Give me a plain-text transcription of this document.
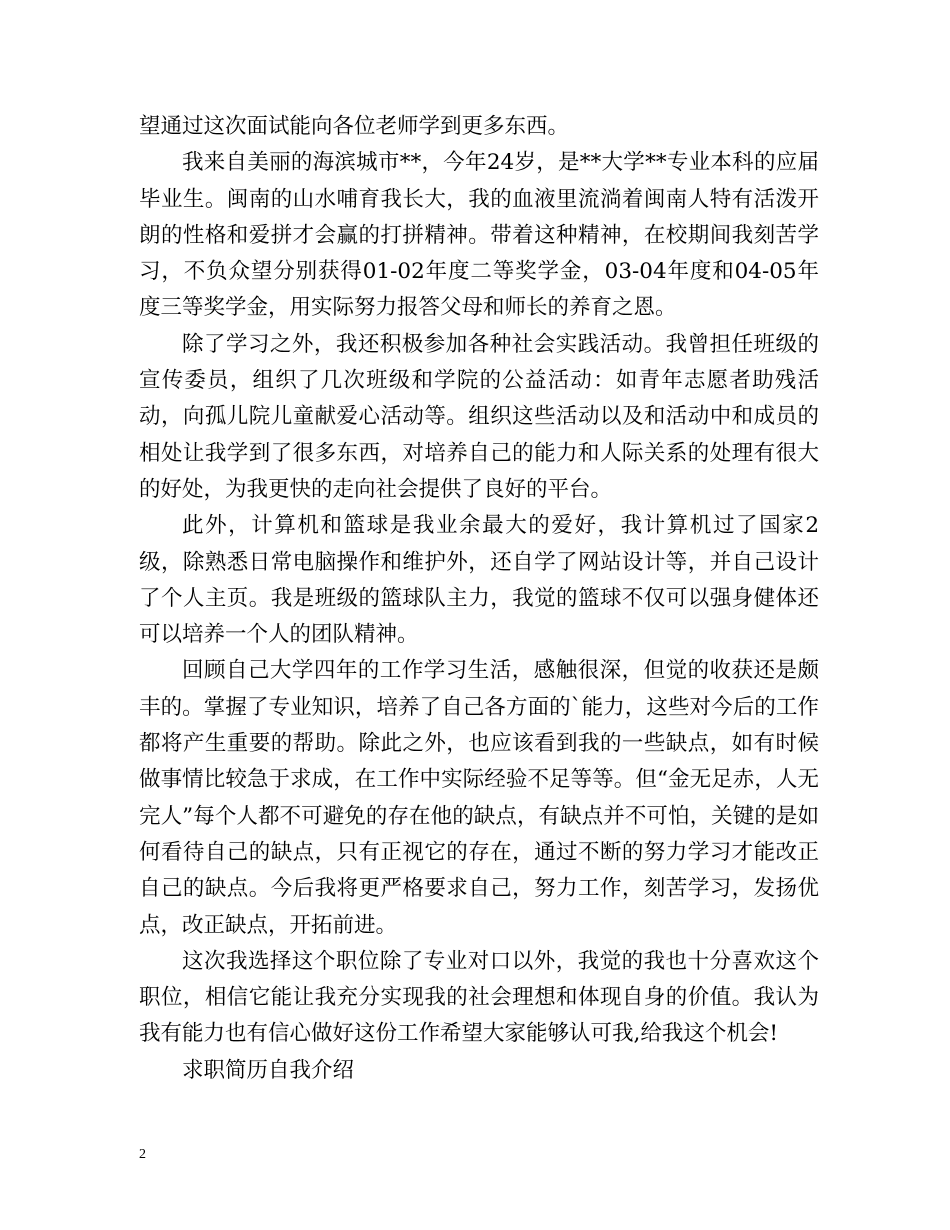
望通过这次面试能向各位老师学到更多东西。

我来自美丽的海滨城市**，今年24岁，是**大学**专业本科的应届毕业生。闽南的山水哺育我长大，我的血液里流淌着闽南人特有活泼开朗的性格和爱拼才会赢的打拼精神。带着这种精神，在校期间我刻苦学习，不负众望分别获得01-02年度二等奖学金，03-04年度和04-05年度三等奖学金，用实际努力报答父母和师长的养育之恩。

除了学习之外，我还积极参加各种社会实践活动。我曾担任班级的宣传委员，组织了几次班级和学院的公益活动：如青年志愿者助残活动，向孤儿院儿童献爱心活动等。组织这些活动以及和活动中和成员的相处让我学到了很多东西，对培养自己的能力和人际关系的处理有很大的好处，为我更快的走向社会提供了良好的平台。

此外，计算机和篮球是我业余最大的爱好，我计算机过了国家2级，除熟悉日常电脑操作和维护外，还自学了网站设计等，并自己设计了个人主页。我是班级的篮球队主力，我觉的篮球不仅可以强身健体还可以培养一个人的团队精神。

回顾自己大学四年的工作学习生活，感触很深，但觉的收获还是颇丰的。掌握了专业知识，培养了自己各方面的`能力，这些对今后的工作都将产生重要的帮助。除此之外，也应该看到我的一些缺点，如有时候做事情比较急于求成，在工作中实际经验不足等等。但“金无足赤，人无完人”每个人都不可避免的存在他的缺点，有缺点并不可怕，关键的是如何看待自己的缺点，只有正视它的存在，通过不断的努力学习才能改正自己的缺点。今后我将更严格要求自己，努力工作，刻苦学习，发扬优点，改正缺点，开拓前进。

这次我选择这个职位除了专业对口以外，我觉的我也十分喜欢这个职位，相信它能让我充分实现我的社会理想和体现自身的价值。我认为我有能力也有信心做好这份工作希望大家能够认可我,给我这个机会!

求职简历自我介绍

2
